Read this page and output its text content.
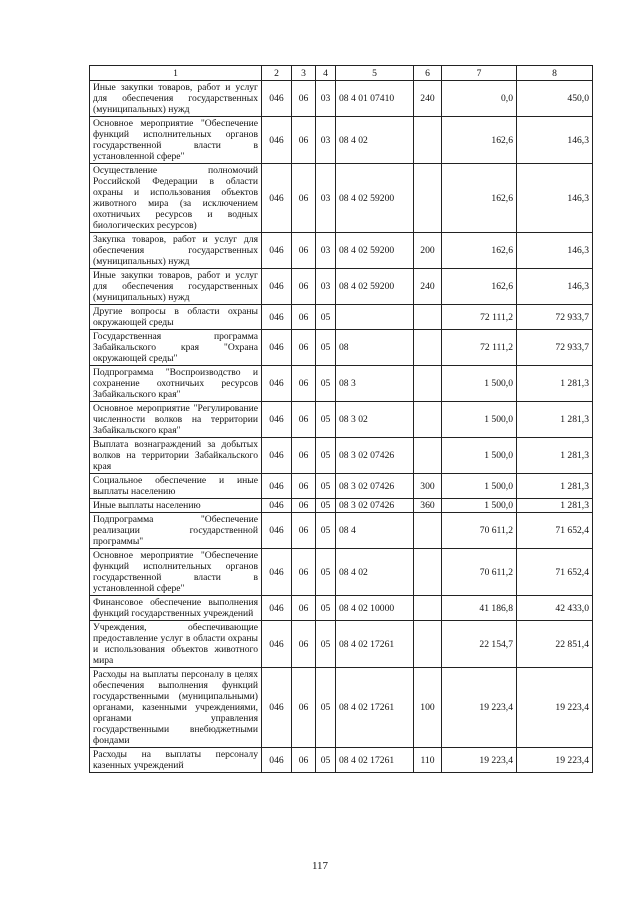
1	2	3	4	5	6	7	8
Иные закупки товаров, работ и услуг для обеспечения государственных (муниципальных) нужд	046	06	03	08 4 01 07410	240	0,0	450,0
Основное мероприятие "Обеспечение функций исполнительных органов государственной власти в установленной сфере"	046	06	03	08 4 02		162,6	146,3
Осуществление полномочий Российской Федерации в области охраны и использования объектов животного мира (за исключением охотничьих ресурсов и водных биологических ресурсов)	046	06	03	08 4 02 59200		162,6	146,3
Закупка товаров, работ и услуг для обеспечения государственных (муниципальных) нужд	046	06	03	08 4 02 59200	200	162,6	146,3
Иные закупки товаров, работ и услуг для обеспечения государственных (муниципальных) нужд	046	06	03	08 4 02 59200	240	162,6	146,3
Другие вопросы в области охраны окружающей среды	046	06	05			72 111,2	72 933,7
Государственная программа Забайкальского края "Охрана окружающей среды"	046	06	05	08		72 111,2	72 933,7
Подпрограмма "Воспроизводство и сохранение охотничьих ресурсов Забайкальского края"	046	06	05	08 3		1 500,0	1 281,3
Основное мероприятие "Регулирование численности волков на территории Забайкальского края"	046	06	05	08 3 02		1 500,0	1 281,3
Выплата вознаграждений за добытых волков на территории Забайкальского края	046	06	05	08 3 02 07426		1 500,0	1 281,3
Социальное обеспечение и иные выплаты населению	046	06	05	08 3 02 07426	300	1 500,0	1 281,3
Иные выплаты населению	046	06	05	08 3 02 07426	360	1 500,0	1 281,3
Подпрограмма "Обеспечение реализации государственной программы"	046	06	05	08 4		70 611,2	71 652,4
Основное мероприятие "Обеспечение функций исполнительных органов государственной власти в установленной сфере"	046	06	05	08 4 02		70 611,2	71 652,4
Финансовое обеспечение выполнения функций государственных учреждений	046	06	05	08 4 02 10000		41 186,8	42 433,0
Учреждения, обеспечивающие предоставление услуг в области охраны и использования объектов животного мира	046	06	05	08 4 02 17261		22 154,7	22 851,4
Расходы на выплаты персоналу в целях обеспечения выполнения функций государственными (муниципальными) органами, казенными учреждениями, органами управления государственными внебюджетными фондами	046	06	05	08 4 02 17261	100	19 223,4	19 223,4
Расходы на выплаты персоналу казенных учреждений	046	06	05	08 4 02 17261	110	19 223,4	19 223,4
117
